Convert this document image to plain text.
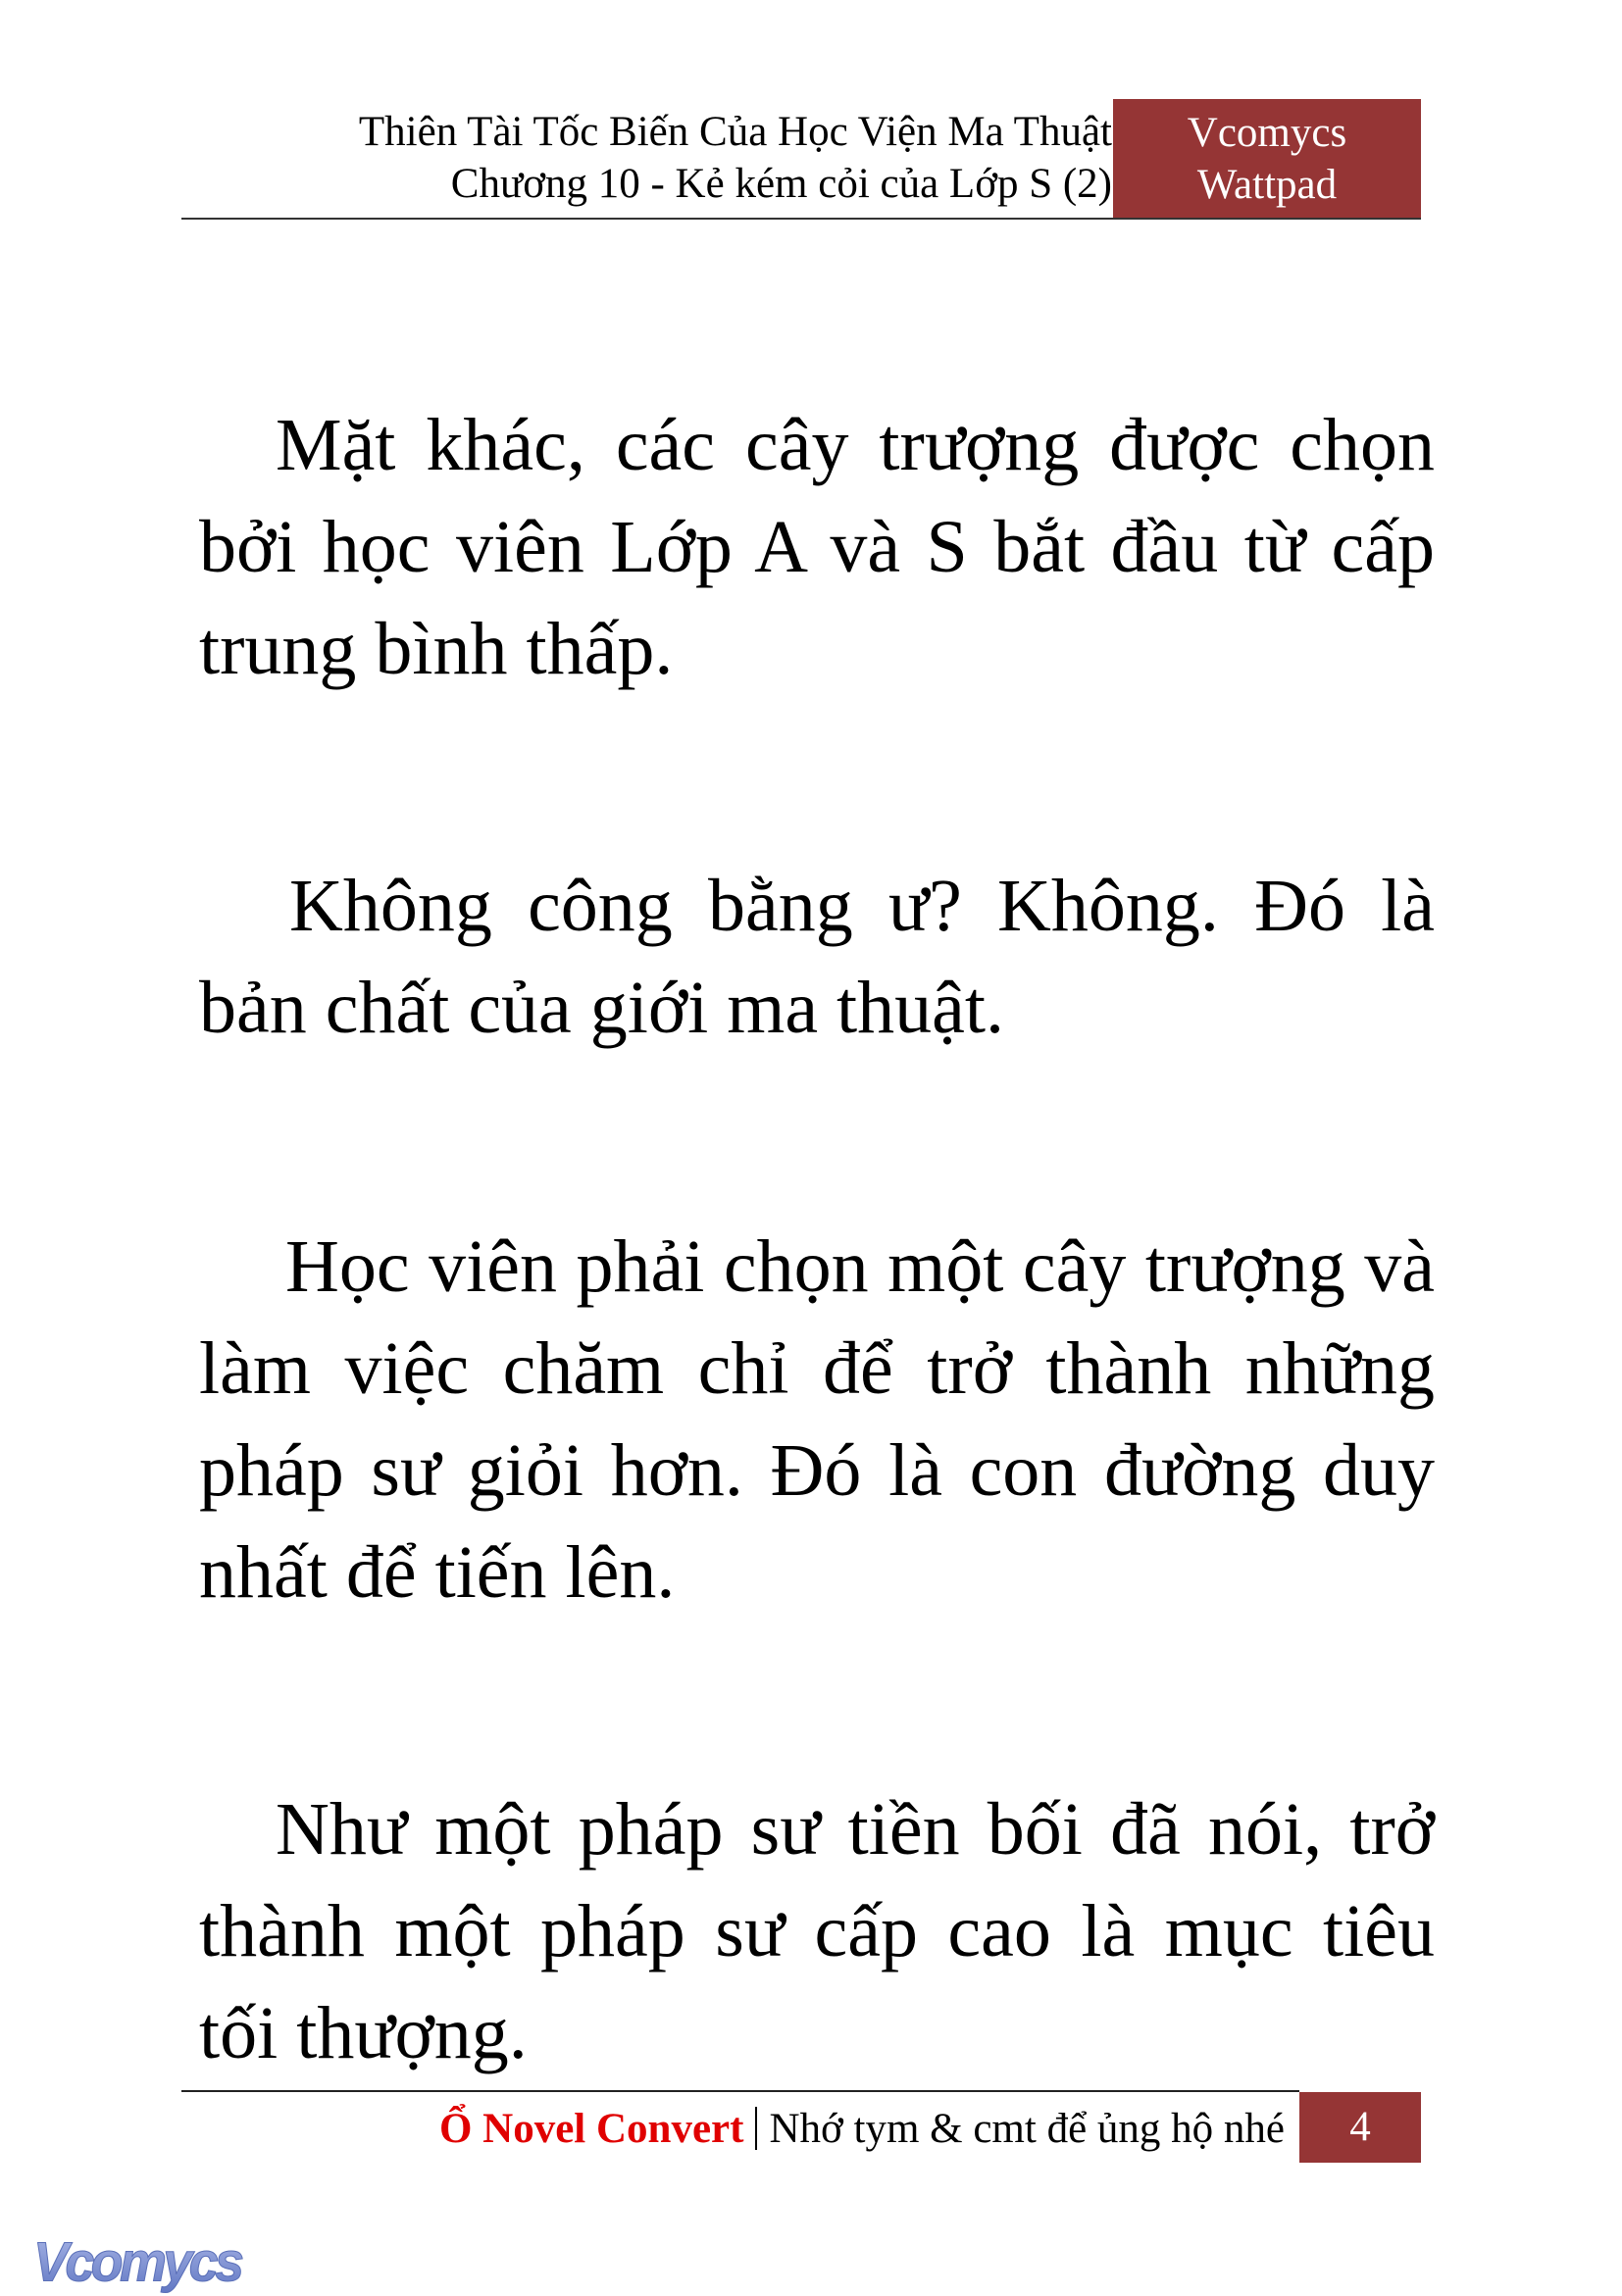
Thiên Tài Tốc Biến Của Học Viện Ma Thuật
Chương 10 - Kẻ kém cỏi của Lớp S (2)
Vcomycs
Wattpad

Mặt khác, các cây trượng được chọn bởi học viên Lớp A và S bắt đầu từ cấp trung bình thấp.

Không công bằng ư? Không. Đó là bản chất của giới ma thuật.

Học viên phải chọn một cây trượng và làm việc chăm chỉ để trở thành những pháp sư giỏi hơn. Đó là con đường duy nhất để tiến lên.

Như một pháp sư tiền bối đã nói, trở thành một pháp sư cấp cao là mục tiêu tối thượng.

Ổ Novel Convert Nhớ tym & cmt để ủng hộ nhé	4
Vcomycs
